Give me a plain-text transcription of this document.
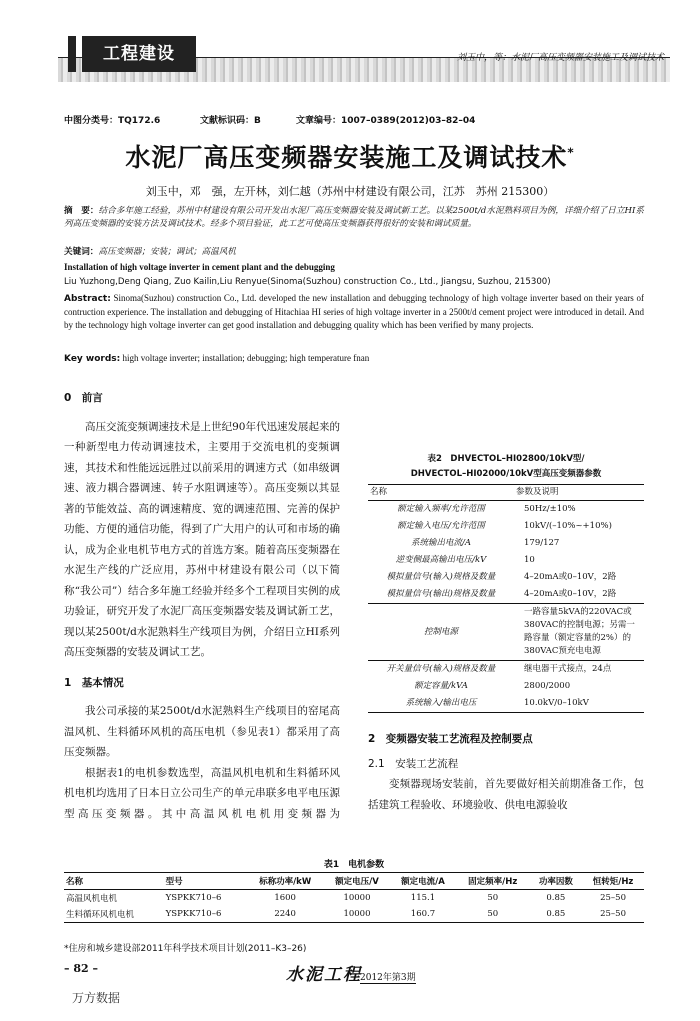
工程建设	刘玉中，等：水泥厂高压变频器安装施工及调试技术
中图分类号：TQ172.6	文献标识码：B	文章编号：1007–0389(2012)03–82–04
水泥厂高压变频器安装施工及调试技术*
刘玉中，邓　强，左开林，刘仁越（苏州中材建设有限公司，江苏　苏州 215300）
摘　要：结合多年施工经验，苏州中材建设有限公司开发出水泥厂高压变频器安装及调试新工艺。以某2500t/d水泥熟料项目为例，详细介绍了日立HI系列高压变频器的安装方法及调试技术。经多个项目验证，此工艺可使高压变频器获得很好的安装和调试质量。
关键词：高压变频器；安装；调试；高温风机
Installation of high voltage inverter in cement plant and the debugging
Liu Yuzhong,Deng Qiang, Zuo Kailin,Liu Renyue(Sinoma(Suzhou) construction Co., Ltd., Jiangsu, Suzhou, 215300)
Abstract: Sinoma(Suzhou) construction Co., Ltd. developed the new installation and debugging technology of high voltage inverter based on their years of contruction experience. The installation and debugging of Hitachiaa HI series of high voltage inverter in a 2500t/d cement project were introduced in detail. And by the technology high voltage inverter can get good installation and debugging quality which has been verified by many projects.
Key words: high voltage inverter; installation; debugging; high temperature fnan
0　前言

高压交流变频调速技术是上世纪90年代迅速发展起来的一种新型电力传动调速技术，主要用于交流电机的变频调速，其技术和性能远远胜过以前采用的调速方式（如串级调速、液力耦合器调速、转子水阻调速等）。高压变频以其显著的节能效益、高的调速精度、宽的调速范围、完善的保护功能、方便的通信功能，得到了广大用户的认可和市场的确认，成为企业电机节电方式的首选方案。随着高压变频器在水泥生产线的广泛应用，苏州中材建设有限公司（以下简称“我公司”）结合多年施工经验并经多个工程项目实例的成功验证，研究开发了水泥厂高压变频器安装及调试新工艺，现以某2500t/d水泥熟料生产线项目为例，介绍日立HI系列高压变频器的安装及调试工艺。

1　基本情况

我公司承接的某2500t/d水泥熟料生产线项目的窑尾高温风机、生料循环风机的高压电机（参见表1）都采用了高压变频器。

根据表1的电机参数选型，高温风机电机和生料循环风机电机均选用了日本日立公司生产的单元串联多电平电压源型高压变频器。其中高温风机电机用变频器为

表2　DHVECTOL–HI02800/10kV型/
DHVECTOL–HI02000/10kV型高压变频器参数
名称	参数及说明
额定输入频率/允许范围	50Hz/±10%
额定输入电压/允许范围	10kV/(–10%~+10%)
系统输出电流/A	179/127
逆变侧最高输出电压/kV	10
模拟量信号(输入)规格及数量	4–20mA或0–10V，2路
模拟量信号(输出)规格及数量	4–20mA或0–10V，2路
控制电源	一路容量5kVA的220VAC或380VAC的控制电源；另需一路容量（额定容量的2%）的380VAC预充电电源
开关量信号(输入)规格及数量	继电器干式接点，24点
额定容量/kVA	2800/2000
系统输入/输出电压	10.0kV/0–10kV
2　变频器安装工艺流程及控制要点
2.1　安装工艺流程

变频器现场安装前，首先要做好相关前期准备工作，包括建筑工程验收、环境验收、供电电源验收

表1　电机参数
名称	型号	标称功率/kW	额定电压/V	额定电流/A	固定频率/Hz	功率因数	恒转矩/Hz
高温风机电机	YSPKK710–6	1600	10000	115.1	50	0.85	25–50
生料循环风机电机	YSPKK710–6	2240	10000	160.7	50	0.85	25–50
*住房和城乡建设部2011年科学技术项目计划(2011–K3–26)
– 82 –	水泥工程
2012年第3期
万方数据
